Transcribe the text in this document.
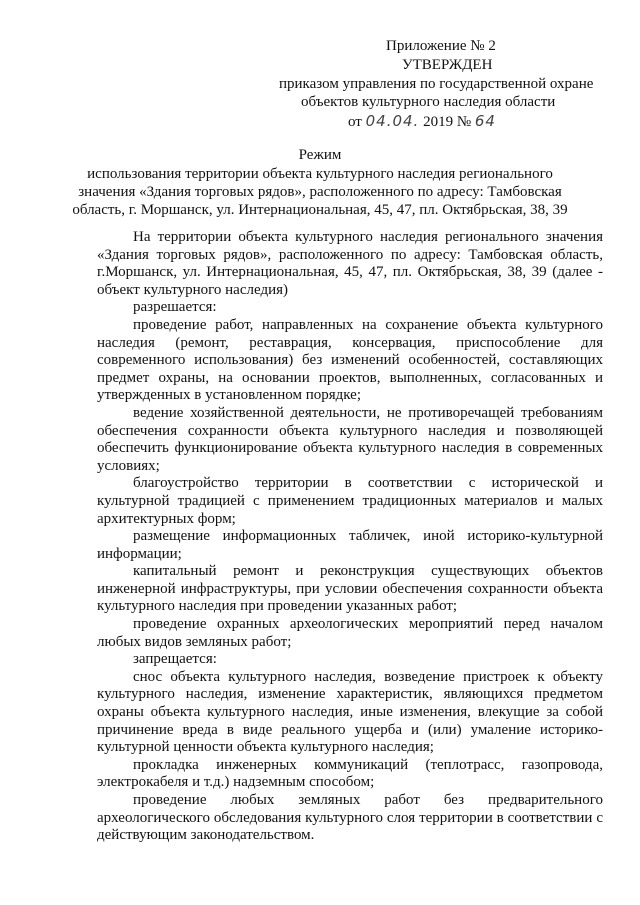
Приложение № 2
УТВЕРЖДЕН
приказом управления по государственной охране
объектов культурного наследия области
от 04.04. 2019 № 64
Режим
использования территории объекта культурного наследия регионального
значения «Здания торговых рядов», расположенного по адресу: Тамбовская
область, г. Моршанск, ул. Интернациональная, 45, 47, пл. Октябрьская, 38, 39

На территории объекта культурного наследия регионального значения «Здания торговых рядов», расположенного по адресу: Тамбовская область, г.Моршанск, ул. Интернациональная, 45, 47, пл. Октябрьская, 38, 39 (далее - объект культурного наследия)

разрешается:

проведение работ, направленных на сохранение объекта культурного наследия (ремонт, реставрация, консервация, приспособление для современного использования) без изменений особенностей, составляющих предмет охраны, на основании проектов, выполненных, согласованных и утвержденных в установленном порядке;

ведение хозяйственной деятельности, не противоречащей требованиям обеспечения сохранности объекта культурного наследия и позволяющей обеспечить функционирование объекта культурного наследия в современных условиях;

благоустройство территории в соответствии с исторической и культурной традицией с применением традиционных материалов и малых архитектурных форм;

размещение информационных табличек, иной историко-культурной информации;

капитальный ремонт и реконструкция существующих объектов инженерной инфраструктуры, при условии обеспечения сохранности объекта культурного наследия при проведении указанных работ;

проведение охранных археологических мероприятий перед началом любых видов земляных работ;

запрещается:

снос объекта культурного наследия, возведение пристроек к объекту культурного наследия, изменение характеристик, являющихся предметом охраны объекта культурного наследия, иные изменения, влекущие за собой причинение вреда в виде реального ущерба и (или) умаление историко-культурной ценности объекта культурного наследия;

прокладка инженерных коммуникаций (теплотрасс, газопровода, электрокабеля и т.д.) надземным способом;

проведение любых земляных работ без предварительного археологического обследования культурного слоя территории в соответствии с действующим законодательством.
